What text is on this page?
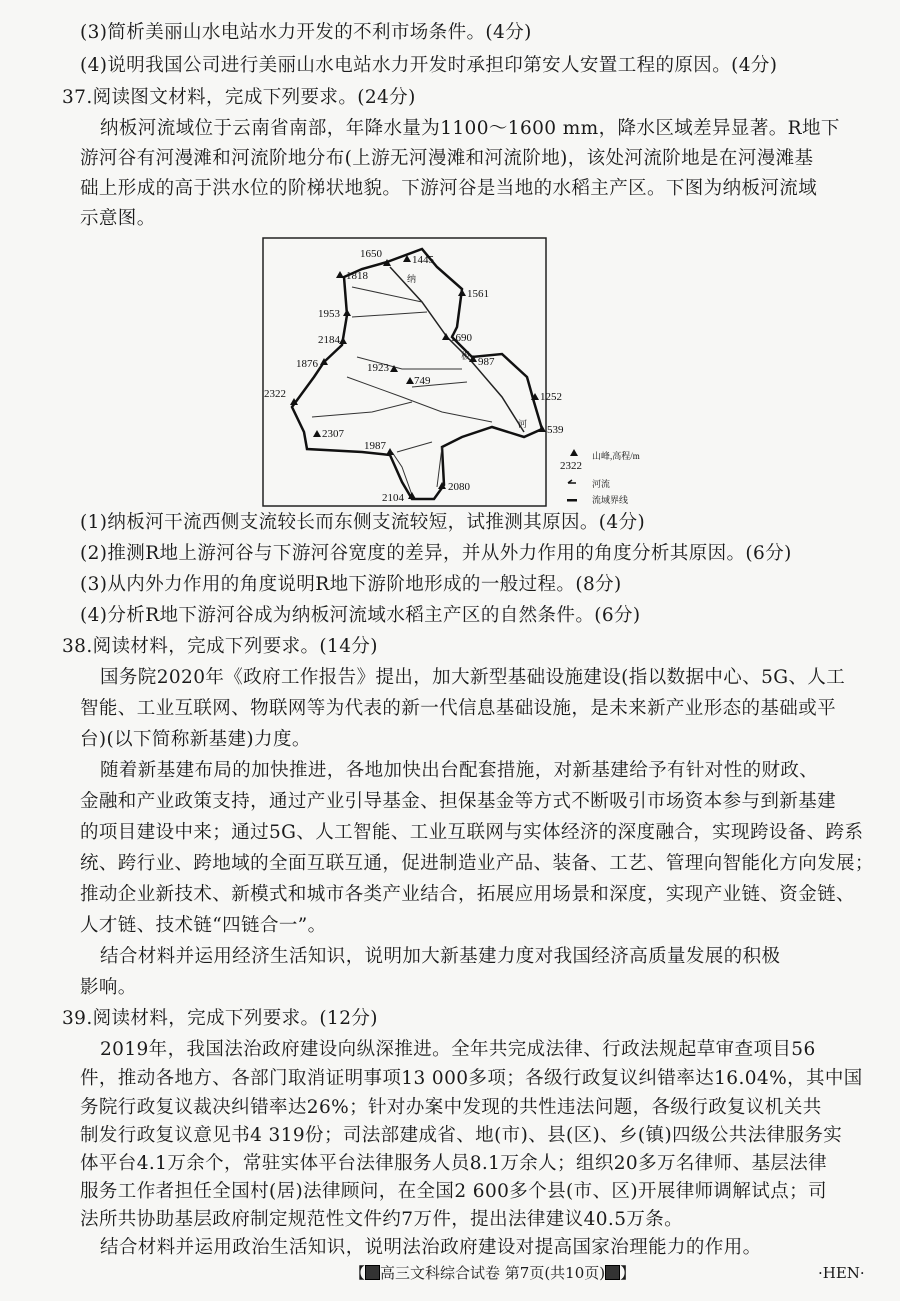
(3)简析美丽山水电站水力开发的不利市场条件。(4分)
(4)说明我国公司进行美丽山水电站水力开发时承担印第安人安置工程的原因。(4分)
37.阅读图文材料，完成下列要求。(24分)
纳板河流域位于云南省南部，年降水量为1100～1600 mm，降水区域差异显著。R地下
游河谷有河漫滩和河流阶地分布(上游无河漫滩和河流阶地)，该处河流阶地是在河漫滩基
础上形成的高于洪水位的阶梯状地貌。下游河谷是当地的水稻主产区。下图为纳板河流域
示意图。
1650	1445
1818
1561
1953
2184	1690
1876	987
1923
749
2322	1252
539
2307
1987
2080
2104
纳
板
河
2322
山峰,高程/m
河流
流域界线
(1)纳板河干流西侧支流较长而东侧支流较短，试推测其原因。(4分)
(2)推测R地上游河谷与下游河谷宽度的差异，并从外力作用的角度分析其原因。(6分)
(3)从内外力作用的角度说明R地下游阶地形成的一般过程。(8分)
(4)分析R地下游河谷成为纳板河流域水稻主产区的自然条件。(6分)
38.阅读材料，完成下列要求。(14分)
国务院2020年《政府工作报告》提出，加大新型基础设施建设(指以数据中心、5G、人工
智能、工业互联网、物联网等为代表的新一代信息基础设施，是未来新产业形态的基础或平
台)(以下简称新基建)力度。
随着新基建布局的加快推进，各地加快出台配套措施，对新基建给予有针对性的财政、
金融和产业政策支持，通过产业引导基金、担保基金等方式不断吸引市场资本参与到新基建
的项目建设中来；通过5G、人工智能、工业互联网与实体经济的深度融合，实现跨设备、跨系
统、跨行业、跨地域的全面互联互通，促进制造业产品、装备、工艺、管理向智能化方向发展；
推动企业新技术、新模式和城市各类产业结合，拓展应用场景和深度，实现产业链、资金链、
人才链、技术链“四链合一”。
结合材料并运用经济生活知识，说明加大新基建力度对我国经济高质量发展的积极
影响。
39.阅读材料，完成下列要求。(12分)
2019年，我国法治政府建设向纵深推进。全年共完成法律、行政法规起草审查项目56
件，推动各地方、各部门取消证明事项13 000多项；各级行政复议纠错率达16.04%，其中国
务院行政复议裁决纠错率达26%；针对办案中发现的共性违法问题，各级行政复议机关共
制发行政复议意见书4 319份；司法部建成省、地(市)、县(区)、乡(镇)四级公共法律服务实
体平台4.1万余个，常驻实体平台法律服务人员8.1万余人；组织20多万名律师、基层法律
服务工作者担任全国村(居)法律顾问，在全国2 600多个县(市、区)开展律师调解试点；司
法所共协助基层政府制定规范性文件约7万件，提出法律建议40.5万条。
结合材料并运用政治生活知识，说明法治政府建设对提高国家治理能力的作用。
【 高三文科综合试卷 第7页(共10页) 】	·HEN·
